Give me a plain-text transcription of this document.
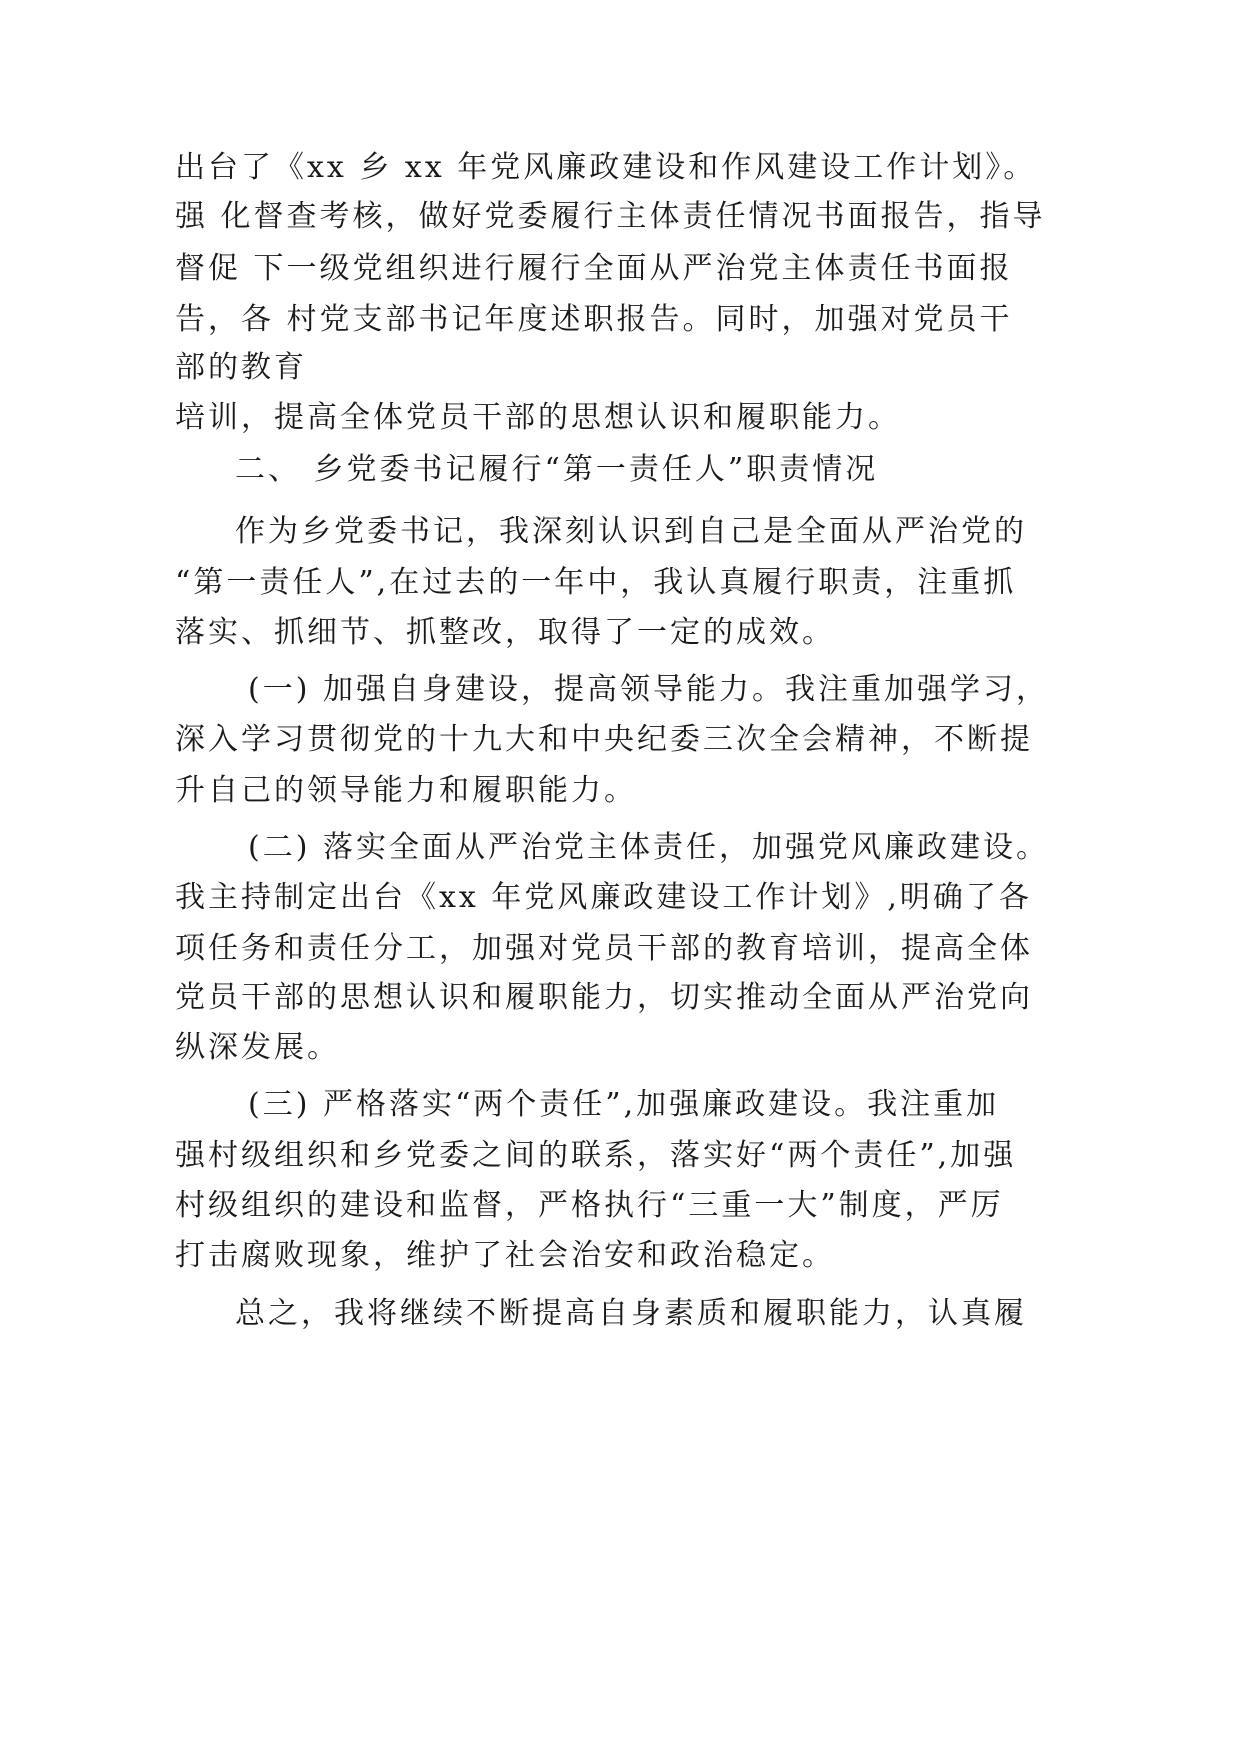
出台了《xx 乡 xx 年党风廉政建设和作风建设工作计划》。
强 化督查考核，做好党委履行主体责任情况书面报告，指导
督促 下一级党组织进行履行全面从严治党主体责任书面报
告，各 村党支部书记年度述职报告。同时，加强对党员干
部的教育
培训，提高全体党员干部的思想认识和履职能力。
二、 乡党委书记履行“第一责任人”职责情况
作为乡党委书记，我深刻认识到自己是全面从严治党的
“第一责任人”,在过去的一年中，我认真履行职责，注重抓
落实、抓细节、抓整改，取得了一定的成效。
(一) 加强自身建设，提高领导能力。我注重加强学习，
深入学习贯彻党的十九大和中央纪委三次全会精神，不断提
升自己的领导能力和履职能力。
(二) 落实全面从严治党主体责任，加强党风廉政建设。
我主持制定出台《xx 年党风廉政建设工作计划》,明确了各
项任务和责任分工，加强对党员干部的教育培训，提高全体
党员干部的思想认识和履职能力，切实推动全面从严治党向
纵深发展。
(三) 严格落实“两个责任”,加强廉政建设。我注重加
强村级组织和乡党委之间的联系，落实好“两个责任”,加强
村级组织的建设和监督，严格执行“三重一大”制度，严厉
打击腐败现象，维护了社会治安和政治稳定。
总之，我将继续不断提高自身素质和履职能力，认真履
